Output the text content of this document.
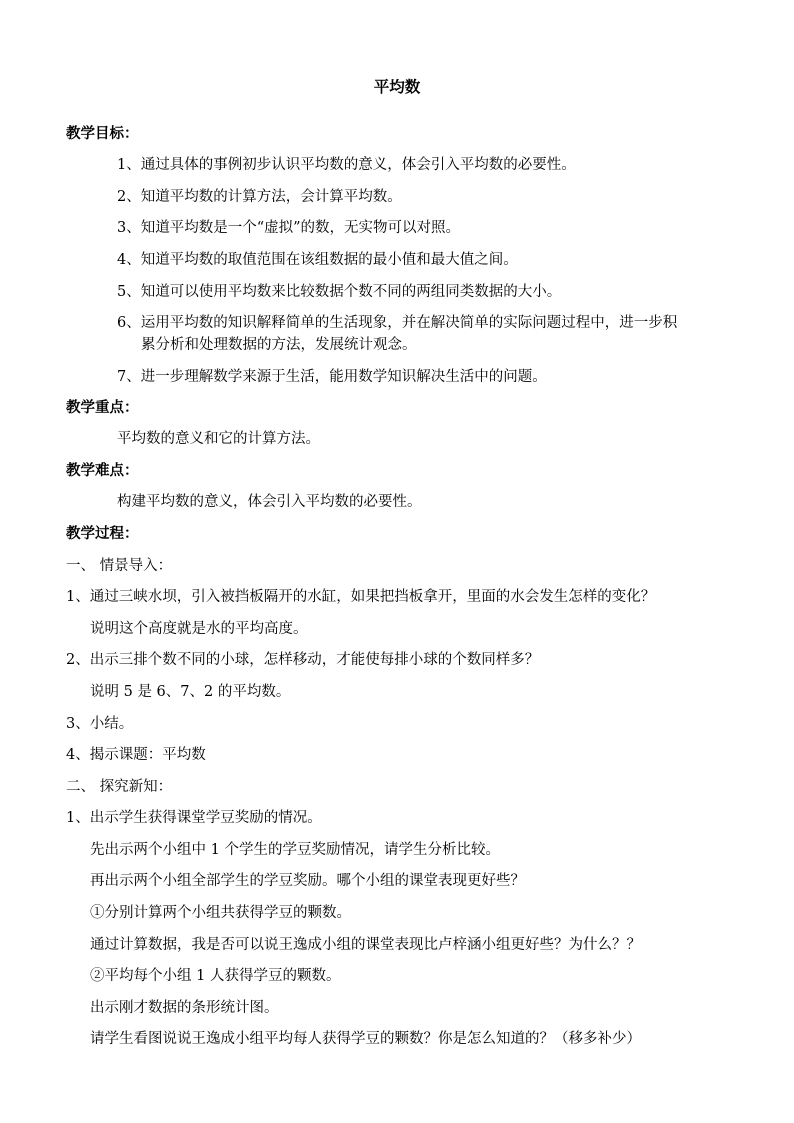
平均数
教学目标：
1、通过具体的事例初步认识平均数的意义，体会引入平均数的必要性。
2、知道平均数的计算方法，会计算平均数。
3、知道平均数是一个“虚拟”的数，无实物可以对照。
4、知道平均数的取值范围在该组数据的最小值和最大值之间。
5、知道可以使用平均数来比较数据个数不同的两组同类数据的大小。
6、运用平均数的知识解释简单的生活现象，并在解决简单的实际问题过程中，进一步积
累分析和处理数据的方法，发展统计观念。
7、进一步理解数学来源于生活，能用数学知识解决生活中的问题。
教学重点：
平均数的意义和它的计算方法。
教学难点：
构建平均数的意义，体会引入平均数的必要性。
教学过程：
一、 情景导入：
1、通过三峡水坝，引入被挡板隔开的水缸，如果把挡板拿开，里面的水会发生怎样的变化？
说明这个高度就是水的平均高度。
2、出示三排个数不同的小球，怎样移动，才能使每排小球的个数同样多？
说明 5 是 6、7、2 的平均数。
3、小结。
4、揭示课题：平均数
二、 探究新知：
1、出示学生获得课堂学豆奖励的情况。
先出示两个小组中 1 个学生的学豆奖励情况，请学生分析比较。
再出示两个小组全部学生的学豆奖励。哪个小组的课堂表现更好些？
①分别计算两个小组共获得学豆的颗数。
通过计算数据，我是否可以说王逸成小组的课堂表现比卢梓涵小组更好些？为什么？？
②平均每个小组 1 人获得学豆的颗数。
出示刚才数据的条形统计图。
请学生看图说说王逸成小组平均每人获得学豆的颗数？你是怎么知道的？（移多补少）
